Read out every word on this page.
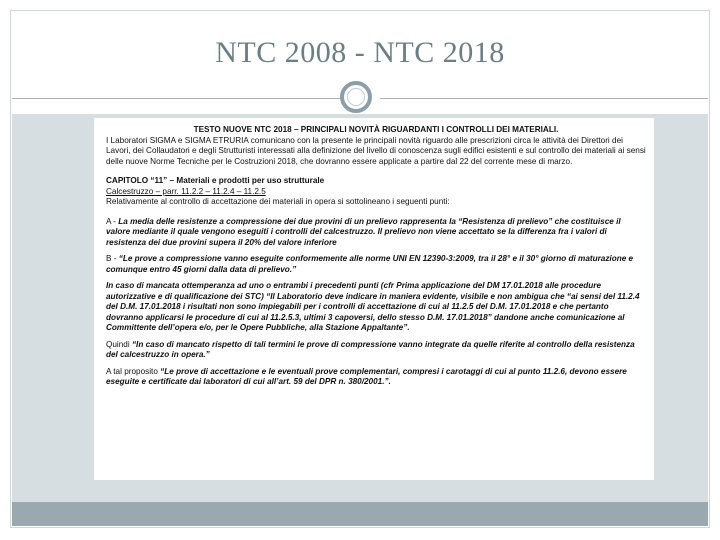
NTC 2008 - NTC 2018

TESTO NUOVE NTC 2018 – PRINCIPALI NOVITÀ RIGUARDANTI I CONTROLLI DEI MATERIALI.

I Laboratori SIGMA e SIGMA ETRURIA comunicano con la presente le principali novità riguardo alle prescrizioni circa le attività dei Direttori dei Lavori, dei Collaudatori e degli Strutturisti interessati alla definizione del livello di conoscenza sugli edifici esistenti e sul controllo dei materiali ai sensi delle nuove Norme Tecniche per le Costruzioni 2018, che dovranno essere applicate a partire dal 22 del corrente mese di marzo.

CAPITOLO “11” – Materiali e prodotti per uso strutturale

Calcestruzzo – parr. 11.2.2 – 11.2.4 – 11.2.5

Relativamente al controllo di accettazione dei materiali in opera si sottolineano i seguenti punti:

A - La media delle resistenze a compressione dei due provini di un prelievo rappresenta la “Resistenza di prelievo” che costituisce il valore mediante il quale vengono eseguiti i controlli del calcestruzzo. Il prelievo non viene accettato se la differenza fra i valori di resistenza dei due provini supera il 20% del valore inferiore

B - “Le prove a compressione vanno eseguite conformemente alle norme UNI EN 12390-3:2009, tra il 28° e il 30° giorno di maturazione e comunque entro 45 giorni dalla data di prelievo.”

In caso di mancata ottemperanza ad uno o entrambi i precedenti punti (cfr Prima applicazione del DM 17.01.2018 alle procedure autorizzative e di qualificazione dei STC) “Il Laboratorio deve indicare in maniera evidente, visibile e non ambigua che “ai sensi del 11.2.4 del D.M. 17.01.2018 i risultati non sono impiegabili per i controlli di accettazione di cui al 11.2.5 del D.M. 17.01.2018 e che pertanto dovranno applicarsi le procedure di cui al 11.2.5.3, ultimi 3 capoversi, dello stesso D.M. 17.01.2018” dandone anche comunicazione al Committente dell’opera e/o, per le Opere Pubbliche, alla Stazione Appaltante”.

Quindi “In caso di mancato rispetto di tali termini le prove di compressione vanno integrate da quelle riferite al controllo della resistenza del calcestruzzo in opera.”

A tal proposito “Le prove di accettazione e le eventuali prove complementari, compresi i carotaggi di cui al punto 11.2.6, devono essere eseguite e certificate dai laboratori di cui all’art. 59 del DPR n. 380/2001.”.
